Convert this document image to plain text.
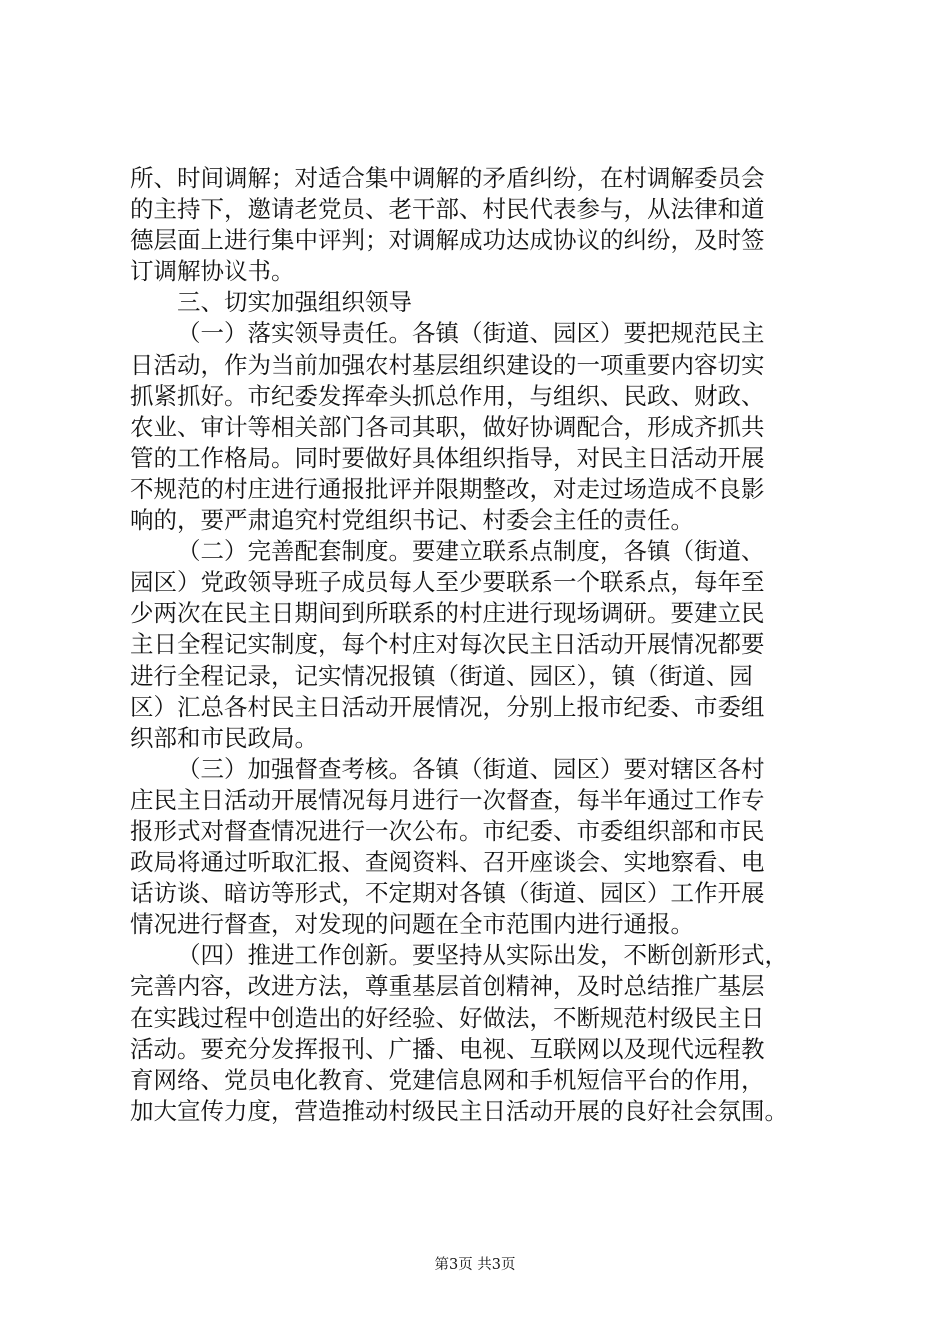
所、时间调解；对适合集中调解的矛盾纠纷，在村调解委员会
的主持下，邀请老党员、老干部、村民代表参与，从法律和道
德层面上进行集中评判；对调解成功达成协议的纠纷，及时签
订调解协议书。
三、切实加强组织领导
（一）落实领导责任。各镇（街道、园区）要把规范民主
日活动，作为当前加强农村基层组织建设的一项重要内容切实
抓紧抓好。市纪委发挥牵头抓总作用，与组织、民政、财政、
农业、审计等相关部门各司其职，做好协调配合，形成齐抓共
管的工作格局。同时要做好具体组织指导，对民主日活动开展
不规范的村庄进行通报批评并限期整改，对走过场造成不良影
响的，要严肃追究村党组织书记、村委会主任的责任。
（二）完善配套制度。要建立联系点制度，各镇（街道、
园区）党政领导班子成员每人至少要联系一个联系点，每年至
少两次在民主日期间到所联系的村庄进行现场调研。要建立民
主日全程记实制度，每个村庄对每次民主日活动开展情况都要
进行全程记录，记实情况报镇（街道、园区），镇（街道、园
区）汇总各村民主日活动开展情况，分别上报市纪委、市委组
织部和市民政局。
（三）加强督查考核。各镇（街道、园区）要对辖区各村
庄民主日活动开展情况每月进行一次督查，每半年通过工作专
报形式对督查情况进行一次公布。市纪委、市委组织部和市民
政局将通过听取汇报、查阅资料、召开座谈会、实地察看、电
话访谈、暗访等形式，不定期对各镇（街道、园区）工作开展
情况进行督查，对发现的问题在全市范围内进行通报。
（四）推进工作创新。要坚持从实际出发，不断创新形式，
完善内容，改进方法，尊重基层首创精神，及时总结推广基层
在实践过程中创造出的好经验、好做法，不断规范村级民主日
活动。要充分发挥报刊、广播、电视、互联网以及现代远程教
育网络、党员电化教育、党建信息网和手机短信平台的作用，
加大宣传力度，营造推动村级民主日活动开展的良好社会氛围。
第3页 共3页
